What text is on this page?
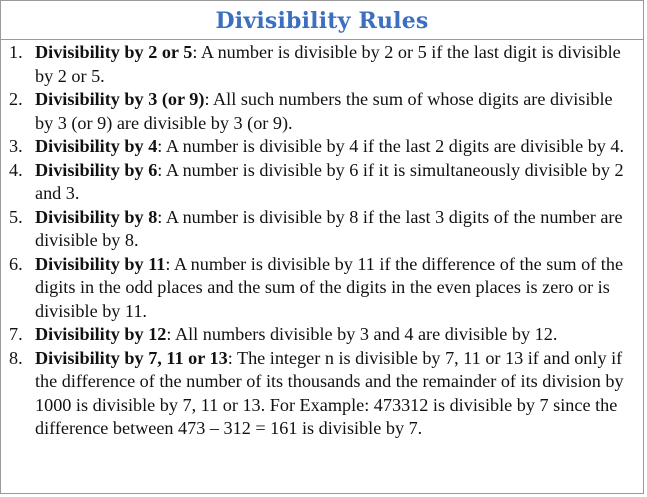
Divisibility Rules
1. Divisibility by 2 or 5: A number is divisible by 2 or 5 if the last digit is divisible by 2 or 5.
2. Divisibility by 3 (or 9): All such numbers the sum of whose digits are divisible by 3 (or 9) are divisible by 3 (or 9).
3. Divisibility by 4: A number is divisible by 4 if the last 2 digits are divisible by 4.
4. Divisibility by 6: A number is divisible by 6 if it is simultaneously divisible by 2 and 3.
5. Divisibility by 8: A number is divisible by 8 if the last 3 digits of the number are divisible by 8.
6. Divisibility by 11: A number is divisible by 11 if the difference of the sum of the digits in the odd places and the sum of the digits in the even places is zero or is divisible by 11.
7. Divisibility by 12: All numbers divisible by 3 and 4 are divisible by 12.
8. Divisibility by 7, 11 or 13: The integer n is divisible by 7, 11 or 13 if and only if the difference of the number of its thousands and the remainder of its division by 1000 is divisible by 7, 11 or 13. For Example: 473312 is divisible by 7 since the difference between 473 – 312 = 161 is divisible by 7.
